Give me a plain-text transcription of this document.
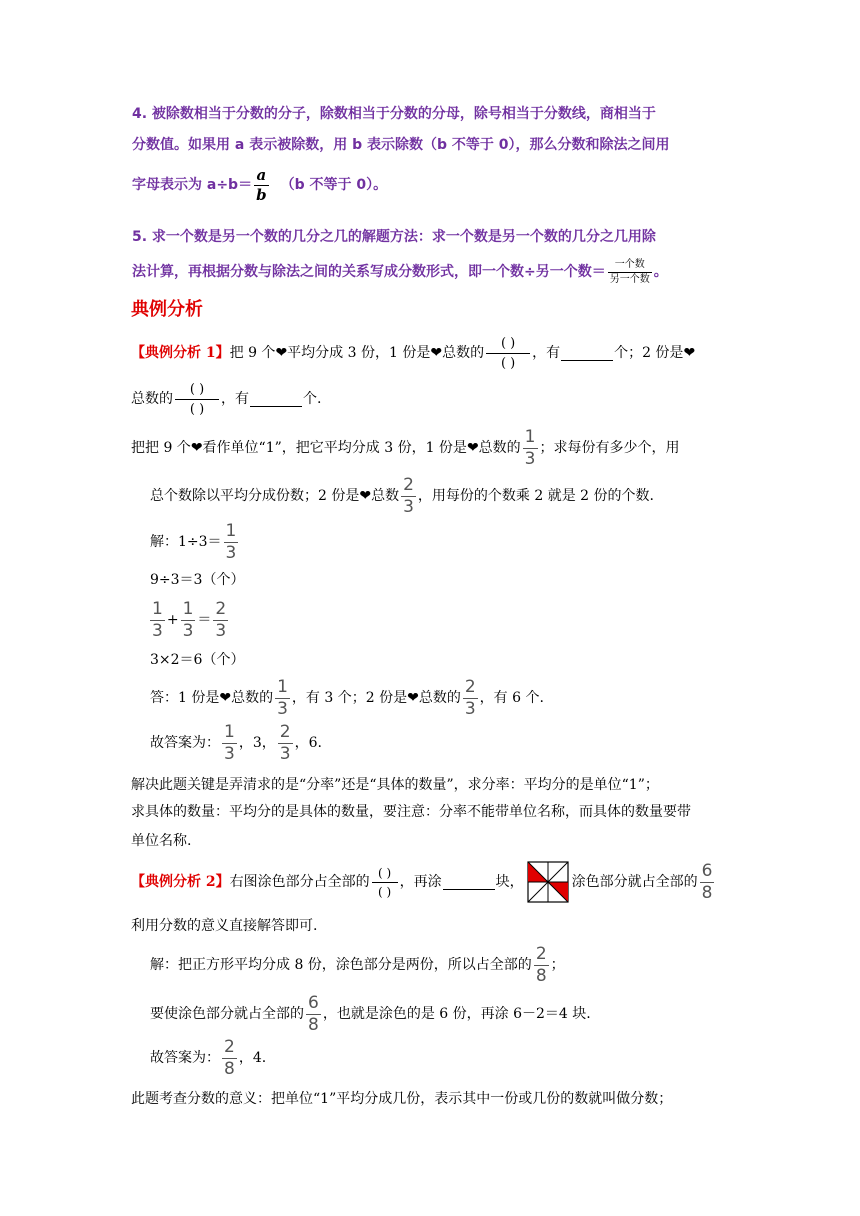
4. 被除数相当于分数的分子，除数相当于分数的分母，除号相当于分数线，商相当于
分数值。如果用 a 表示被除数，用 b 表示除数（b 不等于 0），那么分数和除法之间用
字母表示为 $a\div b= \frac{a}{b} (b$ 不等于 0）。
5. 求一个数是另一个数的几分之几的解题方法：求一个数是另一个数的几分之几用除
法计算，再根据分数与除法之间的关系写成分数形式，即一个数÷另一个数＝ $\frac{\text{一个数}}{\text{另一个数}}$ 。
典例分析
【典例分析 1】 把 9 个 ❤ 平均分成 3 份，1 份是 ❤ 总数的 $\frac{( )}{( )}$ ，有	个；2 份是 ❤
总数的 $\frac{( )}{( )}$ ，有	个.
把把 9 个 ❤ 看作单位“1”，把它平均分成 3 份，1 份是 ❤ 总数的 $\frac{1}{3}$ ；求每份有多少个，用
总个数除以平均分成份数；2 份是 ❤ 总数 $\frac{2}{3}$ ，用每份的个数乘 2 就是 2 份的个数.
解：$1\div 3= \frac{1}{3}$
9÷3＝3（个）
$\frac{1}{3} + \frac{1}{3} = \frac{2}{3}$
3×2＝6（个）
答：1 份是 ❤ 总数的 $\frac{1}{3}$ ，有 3 个；2 份是 ❤ 总数的 $\frac{2}{3}$ ，有 6 个.
故答案为： $\frac{1}{3}$ ，3， $\frac{2}{3}$ ，6.
解决此题关键是弄清求的是“分率”还是“具体的数量”，求分率：平均分的是单位“1”；
求具体的数量：平均分的是具体的数量，要注意：分率不能带单位名称，而具体的数量要带
单位名称.
【典例分析 2】 右图涂色部分占全部的 $\frac{( )}{( )}$ ，再涂	块，	涂色部分就占全部的 $\frac{6}{8}$
利用分数的意义直接解答即可.
解：把正方形平均分成 8 份，涂色部分是两份，所以占全部的 $\frac{2}{8}$ ；
要使涂色部分就占全部的 $\frac{6}{8}$ ，也就是涂色的是 6 份，再涂 6－2＝4 块.
故答案为： $\frac{2}{8}$ ，4.
此题考查分数的意义：把单位“1”平均分成几份，表示其中一份或几份的数就叫做分数；
